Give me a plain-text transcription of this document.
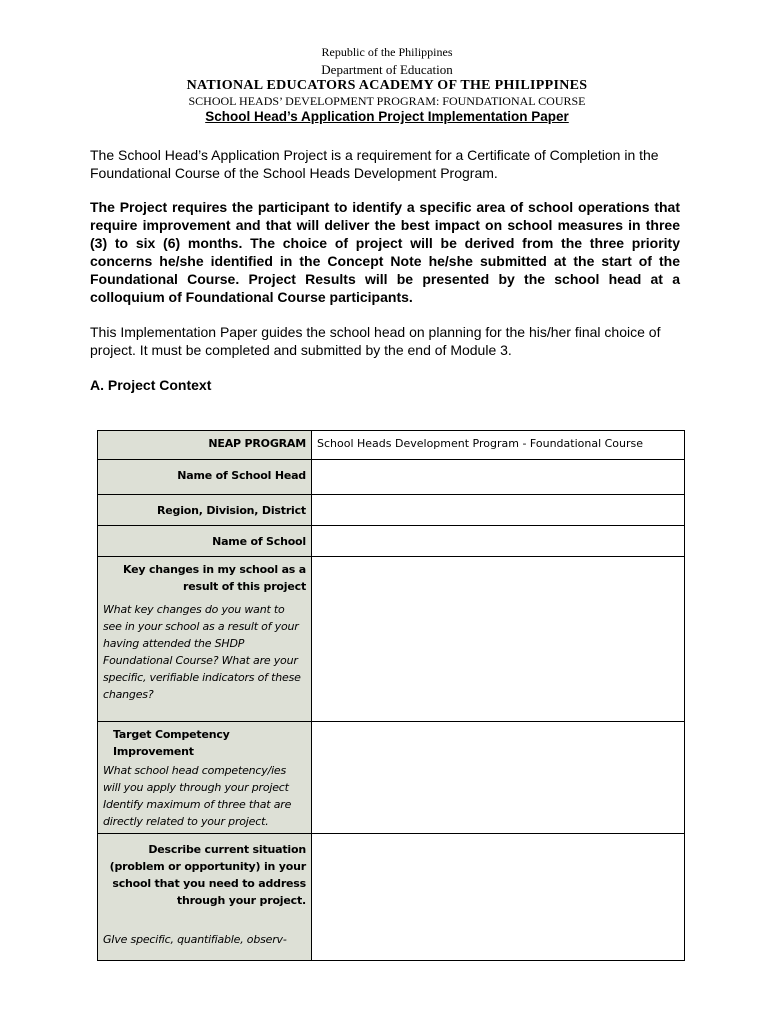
Republic of the Philippines
Department of Education
NATIONAL EDUCATORS ACADEMY OF THE PHILIPPINES
SCHOOL HEADS’ DEVELOPMENT PROGRAM: FOUNDATIONAL COURSE
School Head’s Application Project Implementation Paper

The School Head’s Application Project is a requirement for a Certificate of Completion in the Foundational Course of the School Heads Development Program.

The Project requires the participant to identify a specific area of school operations that require improvement and that will deliver the best impact on school measures in three (3) to six (6) months. The choice of project will be derived from the three priority concerns he/she identified in the Concept Note he/she submitted at the start of the Foundational Course. Project Results will be presented by the school head at a colloquium of Foundational Course participants.

This Implementation Paper guides the school head on planning for the his/her final choice of project. It must be completed and submitted by the end of Module 3.

A. Project Context

NEAP PROGRAM	School Heads Development Program - Foundational Course

Name of School Head	

Region, Division, District	

Name of School	

Key changes in my school as a result of this project
What key changes do you want to see in your school as a result of your having attended the SHDP Foundational Course? What are your specific, verifiable indicators of these changes?	

Target Competency Improvement
What school head competency/ies will you apply through your project Identify maximum of three that are directly related to your project.	

Describe current situation (problem or opportunity) in your school that you need to address through your project.
GIve specific, quantifiable, observ-	
